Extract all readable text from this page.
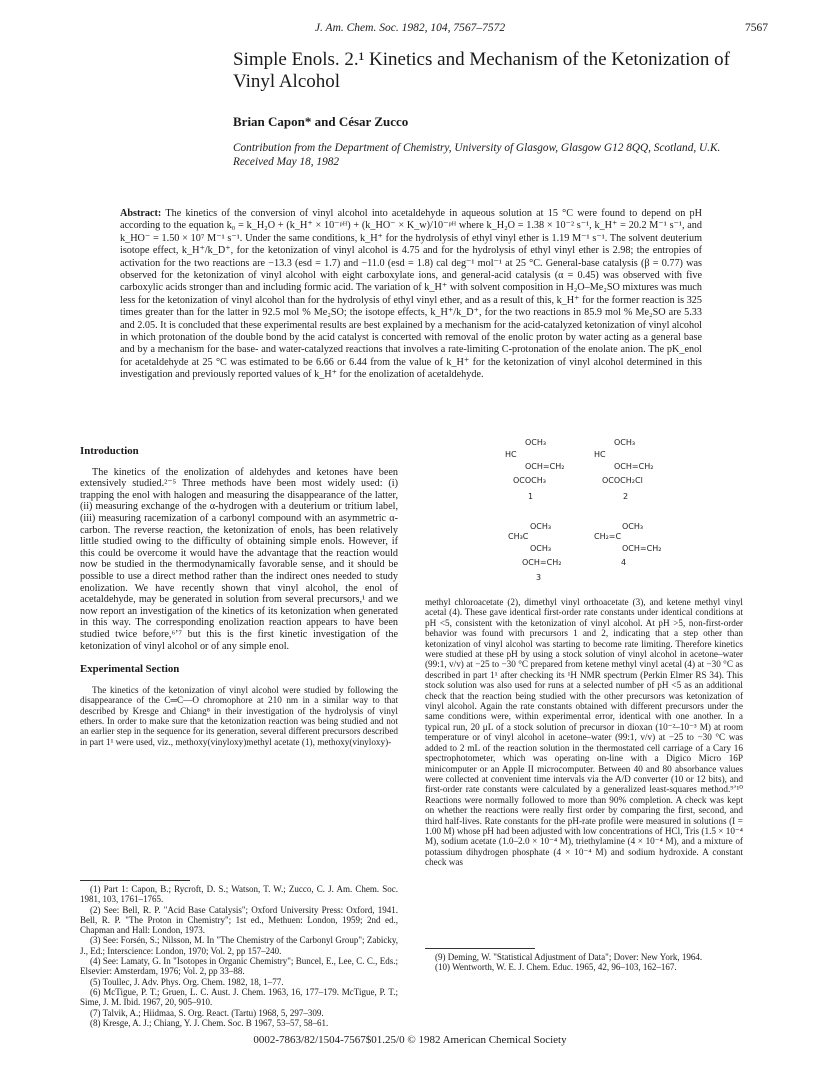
J. Am. Chem. Soc. 1982, 104, 7567–7572	7567
Simple Enols. 2.¹ Kinetics and Mechanism of the Ketonization of Vinyl Alcohol
Brian Capon* and César Zucco
Contribution from the Department of Chemistry, University of Glasgow, Glasgow G12 8QQ, Scotland, U.K. Received May 18, 1982
Abstract: The kinetics of the conversion of vinyl alcohol into acetaldehyde in aqueous solution at 15 °C were found to depend on pH according to the equation k₀ = k_H₂O + (k_H⁺ × 10⁻ᵖᴴ) + (k_HO⁻ × K_w)/10⁻ᵖᴴ where k_H₂O = 1.38 × 10⁻² s⁻¹, k_H⁺ = 20.2 M⁻¹ s⁻¹, and k_HO⁻ = 1.50 × 10⁷ M⁻¹ s⁻¹. Under the same conditions, k_H⁺ for the hydrolysis of ethyl vinyl ether is 1.19 M⁻¹ s⁻¹. The solvent deuterium isotope effect, k_H⁺/k_D⁺, for the ketonization of vinyl alcohol is 4.75 and for the hydrolysis of ethyl vinyl ether is 2.98; the entropies of activation for the two reactions are −13.3 (esd = 1.7) and −11.0 (esd = 1.8) cal deg⁻¹ mol⁻¹ at 25 °C. General-base catalysis (β = 0.77) was observed for the ketonization of vinyl alcohol with eight carboxylate ions, and general-acid catalysis (α = 0.45) was observed with five carboxylic acids stronger than and including formic acid. The variation of k_H⁺ with solvent composition in H₂O–Me₂SO mixtures was much less for the ketonization of vinyl alcohol than for the hydrolysis of ethyl vinyl ether, and as a result of this, k_H⁺ for the former reaction is 325 times greater than for the latter in 92.5 mol % Me₂SO; the isotope effects, k_H⁺/k_D⁺, for the two reactions in 85.9 mol % Me₂SO are 5.33 and 2.05. It is concluded that these experimental results are best explained by a mechanism for the acid-catalyzed ketonization of vinyl alcohol in which protonation of the double bond by the acid catalyst is concerted with removal of the enolic proton by water acting as a general base and by a mechanism for the base- and water-catalyzed reactions that involves a rate-limiting C-protonation of the enolate anion. The pK_enol for acetaldehyde at 25 °C was estimated to be 6.66 or 6.44 from the value of k_H⁺ for the ketonization of vinyl alcohol determined in this investigation and previously reported values of k_H⁺ for the enolization of acetaldehyde.
Introduction

The kinetics of the enolization of aldehydes and ketones have been extensively studied.²⁻⁵ Three methods have been most widely used: (i) trapping the enol with halogen and measuring the disappearance of the latter, (ii) measuring exchange of the α-hydrogen with a deuterium or tritium label, (iii) measuring racemization of a carbonyl compound with an asymmetric α-carbon. The reverse reaction, the ketonization of enols, has been relatively little studied owing to the difficulty of obtaining simple enols. However, if this could be overcome it would have the advantage that the reaction would now be studied in the thermodynamically favorable sense, and it should be possible to use a direct method rather than the indirect ones needed to study enolization. We have recently shown that vinyl alcohol, the enol of acetaldehyde, may be generated in solution from several precursors,¹ and we now report an investigation of the kinetics of its ketonization when generated in this way. The corresponding enolization reaction appears to have been studied twice before,⁶ʼ⁷ but this is the first kinetic investigation of the ketonization of vinyl alcohol or of any simple enol.

Experimental Section

The kinetics of the ketonization of vinyl alcohol were studied by following the disappearance of the C═C—O chromophore at 210 nm in a similar way to that described by Kresge and Chiang⁸ in their investigation of the hydrolysis of vinyl ethers. In order to make sure that the ketonization reaction was being studied and not an earlier step in the sequence for its generation, several different precursors described in part 1¹ were used, viz., methoxy(vinyloxy)methyl acetate (1), methoxy(vinyloxy)-

(1) Part 1: Capon, B.; Rycroft, D. S.; Watson, T. W.; Zucco, C. J. Am. Chem. Soc. 1981, 103, 1761–1765.
(2) See: Bell, R. P. "Acid Base Catalysis"; Oxford University Press: Oxford, 1941. Bell, R. P. "The Proton in Chemistry"; 1st ed., Methuen: London, 1959; 2nd ed., Chapman and Hall: London, 1973.
(3) See: Forsén, S.; Nilsson, M. In "The Chemistry of the Carbonyl Group"; Zabicky, J., Ed.; Interscience: London, 1970; Vol. 2, pp 157–240.
(4) See: Lamaty, G. In "Isotopes in Organic Chemistry"; Buncel, E., Lee, C. C., Eds.; Elsevier: Amsterdam, 1976; Vol. 2, pp 33–88.
(5) Toullec, J. Adv. Phys. Org. Chem. 1982, 18, 1–77.
(6) McTigue, P. T.; Gruen, L. C. Aust. J. Chem. 1963, 16, 177–179. McTigue, P. T.; Sime, J. M. Ibid. 1967, 20, 905–910.
(7) Talvik, A.; Hiidmaa, S. Org. React. (Tartu) 1968, 5, 297–309.
(8) Kresge, A. J.; Chiang, Y. J. Chem. Soc. B 1967, 53–57, 58–61.
OCH₃
HC
OCH=CH₂
OCOCH₃
1
OCH₃
HC
OCH=CH₂
OCOCH₂Cl
2
OCH₃
CH₃C
OCH₃
OCH=CH₂
3
OCH₃
CH₂=C
OCH=CH₂
4

methyl chloroacetate (2), dimethyl vinyl orthoacetate (3), and ketene methyl vinyl acetal (4). These gave identical first-order rate constants under identical conditions at pH <5, consistent with the ketonization of vinyl alcohol. At pH >5, non-first-order behavior was found with precursors 1 and 2, indicating that a step other than ketonization of vinyl alcohol was starting to become rate limiting. Therefore kinetics were studied at these pH by using a stock solution of vinyl alcohol in acetone–water (99:1, v/v) at −25 to −30 °C prepared from ketene methyl vinyl acetal (4) at −30 °C as described in part 1¹ after checking its ¹H NMR spectrum (Perkin Elmer RS 34). This stock solution was also used for runs at a selected number of pH <5 as an additional check that the reaction being studied with the other precursors was ketonization of vinyl alcohol. Again the rate constants obtained with different precursors under the same conditions were, within experimental error, identical with one another. In a typical run, 20 μL of a stock solution of precursor in dioxan (10⁻²–10⁻³ M) at room temperature or of vinyl alcohol in acetone–water (99:1, v/v) at −25 to −30 °C was added to 2 mL of the reaction solution in the thermostated cell carriage of a Cary 16 spectrophotometer, which was operating on-line with a Digico Micro 16P minicomputer or an Apple II microcomputer. Between 40 and 80 absorbance values were collected at convenient time intervals via the A/D converter (10 or 12 bits), and first-order rate constants were calculated by a generalized least-squares method.⁹ʼ¹⁰ Reactions were normally followed to more than 90% completion. A check was kept on whether the reactions were really first order by comparing the first, second, and third half-lives. Rate constants for the pH-rate profile were measured in solutions (I = 1.00 M) whose pH had been adjusted with low concentrations of HCl, Tris (1.5 × 10⁻⁴ M), sodium acetate (1.0–2.0 × 10⁻⁴ M), triethylamine (4 × 10⁻⁴ M), and a mixture of potassium dihydrogen phosphate (4 × 10⁻⁴ M) and sodium hydroxide. A constant check was

(9) Deming, W. "Statistical Adjustment of Data"; Dover: New York, 1964.
(10) Wentworth, W. E. J. Chem. Educ. 1965, 42, 96–103, 162–167.
0002-7863/82/1504-7567$01.25/0 © 1982 American Chemical Society
